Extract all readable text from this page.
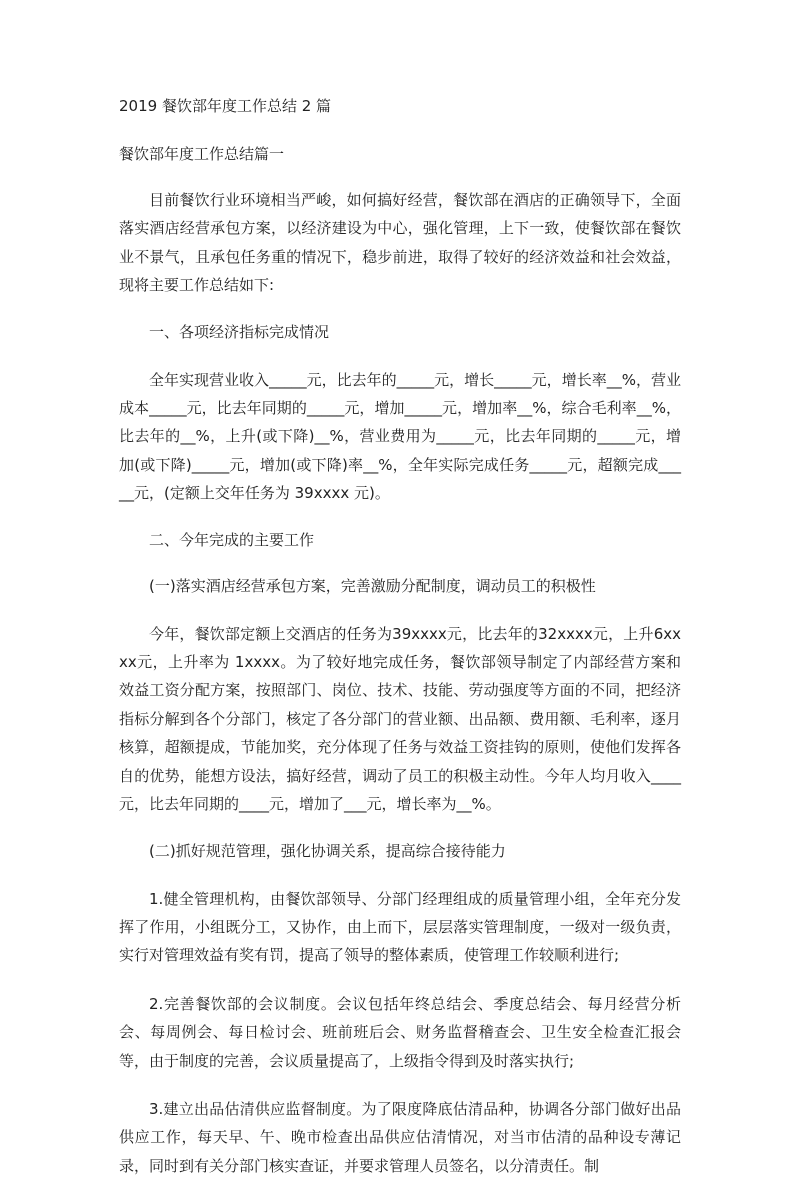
2019 餐饮部年度工作总结 2 篇
餐饮部年度工作总结篇一

目前餐饮行业环境相当严峻，如何搞好经营，餐饮部在酒店的正确领导下，全面落实酒店经营承包方案，以经济建设为中心，强化管理，上下一致，使餐饮部在餐饮业不景气，且承包任务重的情况下，稳步前进，取得了较好的经济效益和社会效益，现将主要工作总结如下:

一、各项经济指标完成情况

全年实现营业收入_____元，比去年的_____元，增长_____元，增长率__%，营业成本_____元，比去年同期的_____元，增加_____元，增加率__%，综合毛利率__%，比去年的__%，上升(或下降)__%，营业费用为_____元，比去年同期的_____元，增加(或下降)_____元，增加(或下降)率__%，全年实际完成任务_____元，超额完成_____元，(定额上交年任务为 39xxxx 元)。

二、今年完成的主要工作

(一)落实酒店经营承包方案，完善激励分配制度，调动员工的积极性

今年，餐饮部定额上交酒店的任务为39xxxx元，比去年的32xxxx元，上升6xxxx元，上升率为 1xxxx。为了较好地完成任务，餐饮部领导制定了内部经营方案和效益工资分配方案，按照部门、岗位、技术、技能、劳动强度等方面的不同，把经济指标分解到各个分部门，核定了各分部门的营业额、出品额、费用额、毛利率，逐月核算，超额提成，节能加奖，充分体现了任务与效益工资挂钩的原则，使他们发挥各自的优势，能想方设法，搞好经营，调动了员工的积极主动性。今年人均月收入____元，比去年同期的____元，增加了___元，增长率为__%。

(二)抓好规范管理，强化协调关系，提高综合接待能力

1.健全管理机构，由餐饮部领导、分部门经理组成的质量管理小组，全年充分发挥了作用，小组既分工，又协作，由上而下，层层落实管理制度，一级对一级负责，实行对管理效益有奖有罚，提高了领导的整体素质，使管理工作较顺利进行;

2.完善餐饮部的会议制度。会议包括年终总结会、季度总结会、每月经营分析会、每周例会、每日检讨会、班前班后会、财务监督稽查会、卫生安全检查汇报会等，由于制度的完善，会议质量提高了，上级指令得到及时落实执行;

3.建立出品估清供应监督制度。为了限度降底估清品种，协调各分部门做好出品供应工作，每天早、午、晚市检查出品供应估清情况，对当市估清的品种设专薄记录，同时到有关分部门核实查证，并要求管理人员签名，以分清责任。制
